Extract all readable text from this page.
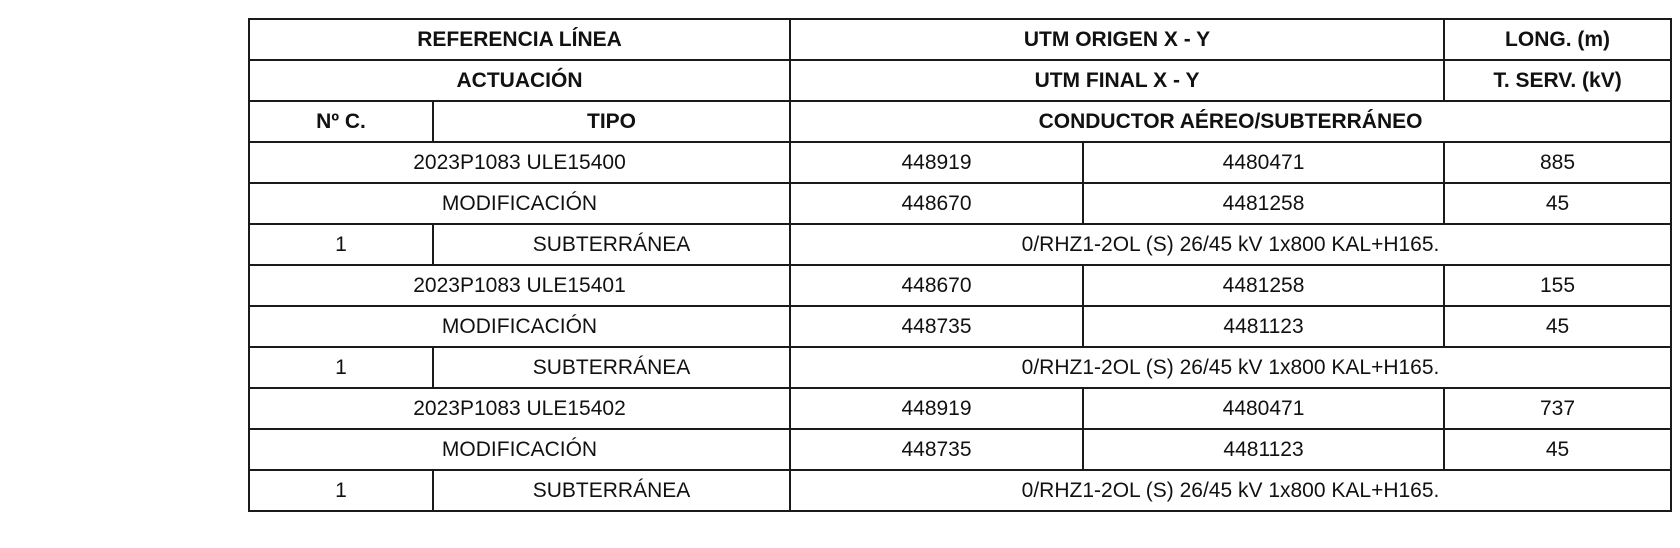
REFERENCIA LÍNEA		UTM ORIGEN X - Y		LONG. (m)
ACTUACIÓN		UTM FINAL X - Y		T. SERV. (kV)
Nº C.	TIPO	CONDUCTOR AÉREO/SUBTERRÁNEO		
2023P1083 ULE15400		448919	4480471	885
MODIFICACIÓN		448670	4481258	45
1	SUBTERRÁNEA	0/RHZ1-2OL (S) 26/45 kV 1x800 KAL+H165.		
2023P1083 ULE15401		448670	4481258	155
MODIFICACIÓN		448735	4481123	45
1	SUBTERRÁNEA	0/RHZ1-2OL (S) 26/45 kV 1x800 KAL+H165.		
2023P1083 ULE15402		448919	4480471	737
MODIFICACIÓN		448735	4481123	45
1	SUBTERRÁNEA	0/RHZ1-2OL (S) 26/45 kV 1x800 KAL+H165.		
